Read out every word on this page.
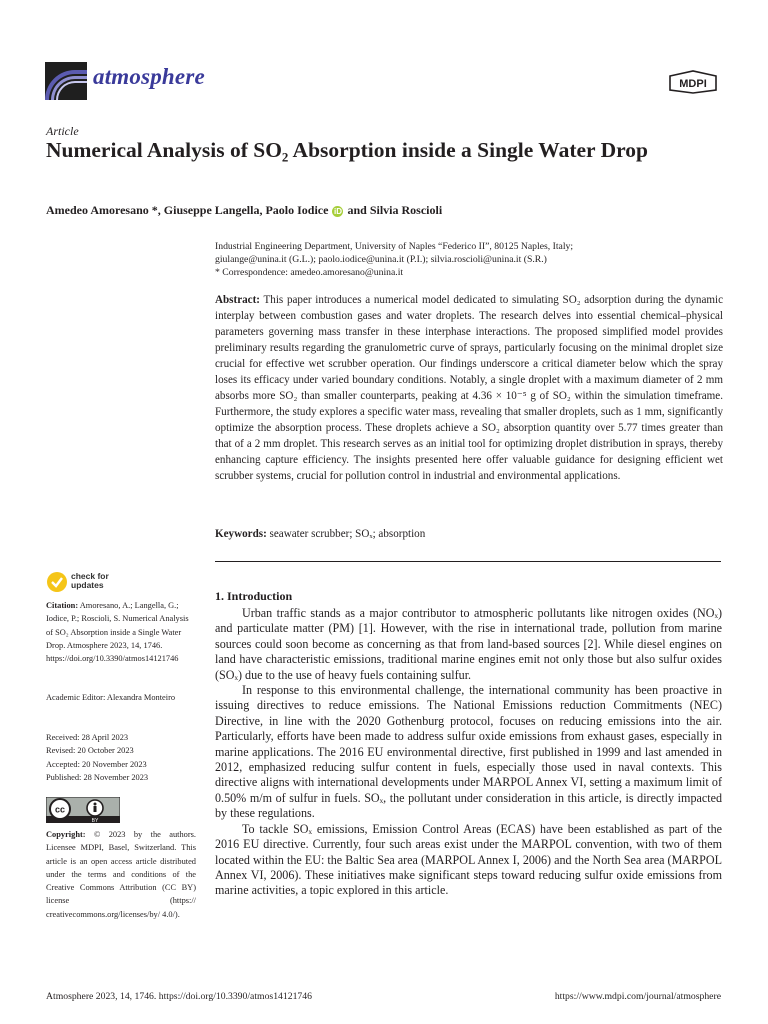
atmosphere	MDPI
Article
Numerical Analysis of SO₂ Absorption inside a Single Water Drop
Amedeo Amoresano *, Giuseppe Langella, Paolo Iodice iD and Silvia Roscioli
Industrial Engineering Department, University of Naples “Federico II”, 80125 Naples, Italy;
giulange@unina.it (G.L.); paolo.iodice@unina.it (P.I.); silvia.roscioli@unina.it (S.R.)
* Correspondence: amedeo.amoresano@unina.it
Abstract: This paper introduces a numerical model dedicated to simulating SO₂ adsorption during the dynamic interplay between combustion gases and water droplets. The research delves into essential chemical–physical parameters governing mass transfer in these interphase interactions. The proposed simplified model provides preliminary results regarding the granulometric curve of sprays, particularly focusing on the minimal droplet size crucial for effective wet scrubber operation. Our findings underscore a critical diameter below which the spray loses its efficacy under varied boundary conditions. Notably, a single droplet with a maximum diameter of 2 mm absorbs more SO₂ than smaller counterparts, peaking at 4.36 × 10⁻⁵ g of SO₂ within the simulation timeframe. Furthermore, the study explores a specific water mass, revealing that smaller droplets, such as 1 mm, significantly optimize the absorption process. These droplets achieve a SO₂ absorption quantity over 5.77 times greater than that of a 2 mm droplet. This research serves as an initial tool for optimizing droplet distribution in sprays, thereby enhancing capture efficiency. The insights presented here offer valuable guidance for designing efficient wet scrubber systems, crucial for pollution control in industrial and environmental applications.
Keywords: seawater scrubber; SOₓ; absorption
check for
updates
Citation: Amoresano, A.; Langella, G.; Iodice, P.; Roscioli, S. Numerical Analysis of SO₂ Absorption inside a Single Water Drop. Atmosphere 2023, 14, 1746. https://doi.org/10.3390/atmos14121746
Academic Editor: Alexandra Monteiro
Received: 28 April 2023
Revised: 20 October 2023
Accepted: 20 November 2023
Published: 28 November 2023
cc
BY
Copyright: © 2023 by the authors. Licensee MDPI, Basel, Switzerland. This article is an open access article distributed under the terms and conditions of the Creative Commons Attribution (CC BY) license (https:// creativecommons.org/licenses/by/ 4.0/).
1. Introduction

Urban traffic stands as a major contributor to atmospheric pollutants like nitrogen oxides (NOₓ) and particulate matter (PM) [1]. However, with the rise in international trade, pollution from marine sources could soon become as concerning as that from land-based sources [2]. While diesel engines on land have characteristic emissions, traditional marine engines emit not only those but also sulfur oxides (SOₓ) due to the use of heavy fuels containing sulfur.

In response to this environmental challenge, the international community has been proactive in issuing directives to reduce emissions. The National Emissions reduction Commitments (NEC) Directive, in line with the 2020 Gothenburg protocol, focuses on reducing emissions into the air. Particularly, efforts have been made to address sulfur oxide emissions from exhaust gases, especially in marine applications. The 2016 EU environmental directive, first published in 1999 and last amended in 2012, emphasized reducing sulfur content in fuels, especially those used in naval contexts. This directive aligns with international developments under MARPOL Annex VI, setting a maximum limit of 0.50% m/m of sulfur in fuels. SOₓ, the pollutant under consideration in this article, is directly impacted by these regulations.

To tackle SOₓ emissions, Emission Control Areas (ECAS) have been established as part of the 2016 EU directive. Currently, four such areas exist under the MARPOL convention, with two of them located within the EU: the Baltic Sea area (MARPOL Annex I, 2006) and the North Sea area (MARPOL Annex VI, 2006). These initiatives make significant steps toward reducing sulfur oxide emissions from marine activities, a topic explored in this article.

Atmosphere 2023, 14, 1746. https://doi.org/10.3390/atmos14121746	https://www.mdpi.com/journal/atmosphere
